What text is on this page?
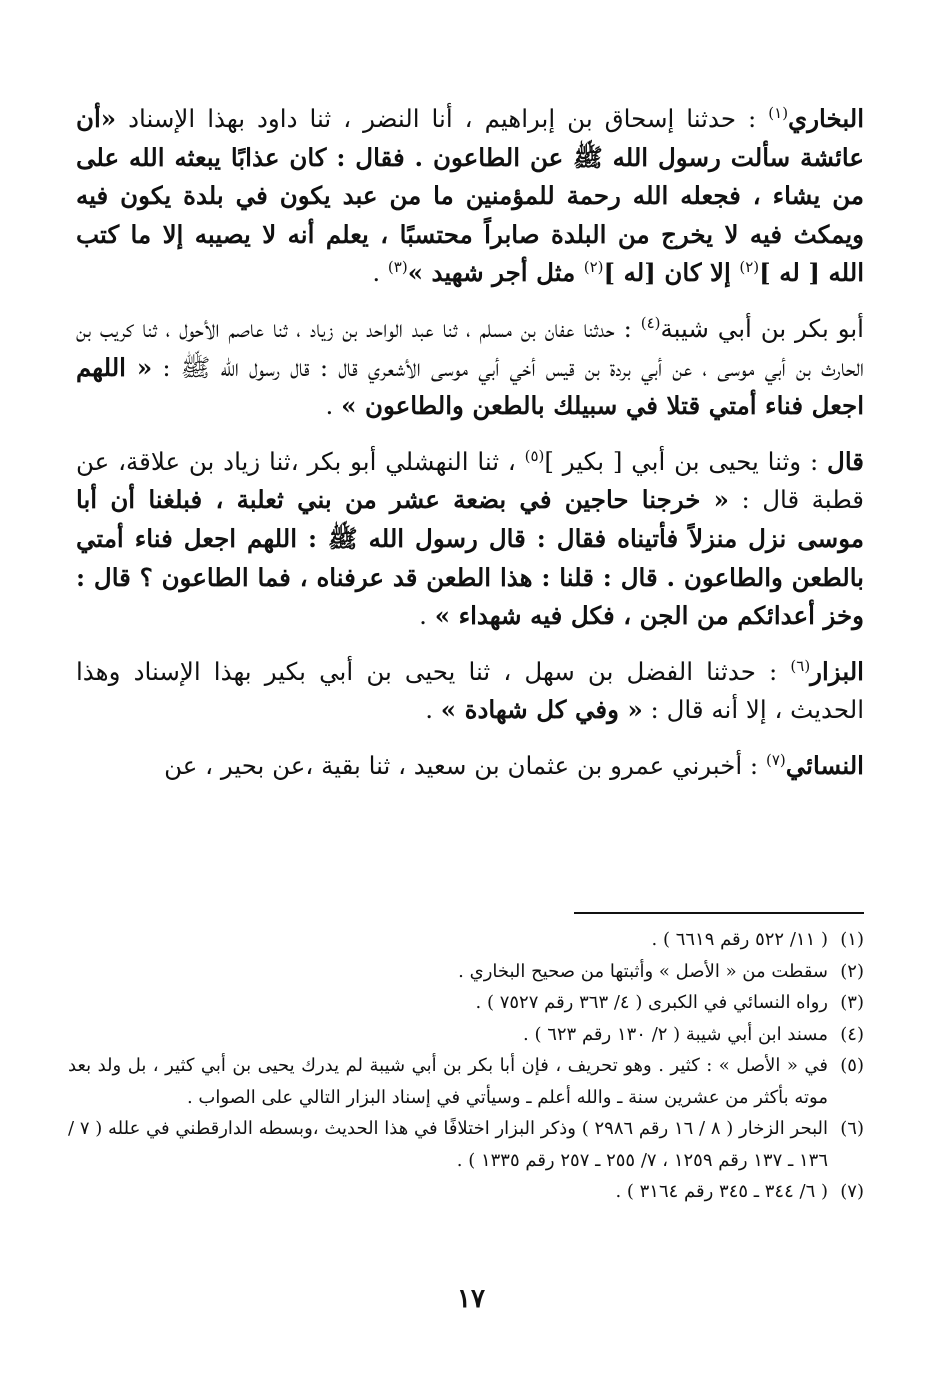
البخاري$^{(١)}$ : حدثنا إسحاق بن إبراهيم ، أنا النضر ، ثنا داود بهذا الإسناد «أن عائشة سألت رسول الله ﷺ عن الطاعون . فقال : كان عذابًا يبعثه الله على من يشاء ، فجعله الله رحمة للمؤمنين ما من عبد يكون في بلدة يكون فيه ويمكث فيه لا يخرج من البلدة صابراً محتسبًا ، يعلم أنه لا يصيبه إلا ما كتب الله [ له ]$^{(٢)}$ إلا كان [له ]$^{(٢)}$ مثل أجر شهيد »$^{(٣)}$ .

أبو بكر بن أبي شيبة$^{(٤)}$ : حدثنا عفان بن مسلم ، ثنا عبد الواحد بن زياد ، ثنا عاصم الأحول ، ثنا كريب بن الحارث بن أبي موسى ، عن أبي بردة بن قيس أخي أبي موسى الأشعري قال : قال رسول الله ﷺ : « اللهم اجعل فناء أمتي قتلا في سبيلك بالطعن والطاعون » .

قال : وثنا يحيى بن أبي [ بكير ]$^{(٥)}$ ، ثنا النهشلي أبو بكر ،ثنا زياد بن علاقة، عن قطبة قال : « خرجنا حاجين في بضعة عشر من بني ثعلبة ، فبلغنا أن أبا موسى نزل منزلاً فأتيناه فقال : قال رسول الله ﷺ : اللهم اجعل فناء أمتي بالطعن والطاعون . قال : قلنا : هذا الطعن قد عرفناه ، فما الطاعون ؟ قال : وخز أعدائكم من الجن ، فكل فيه شهداء » .

البزار$^{(٦)}$ : حدثنا الفضل بن سهل ، ثنا يحيى بن أبي بكير بهذا الإسناد وهذا الحديث ، إلا أنه قال : « وفي كل شهادة » .

النسائي$^{(٧)}$ : أخبرني عمرو بن عثمان بن سعيد ، ثنا بقية ،عن بحير ، عن

(١)
( ١١/ ٥٢٢ رقم ٦٦١٩ ) .

(٢)
سقطت من « الأصل » وأثبتها من صحيح البخاري .

(٣)
رواه النسائي في الكبرى ( ٤/ ٣٦٣ رقم ٧٥٢٧ ) .

(٤)
مسند ابن أبي شيبة ( ٢/ ١٣٠ رقم ٦٢٣ ) .

(٥)
في « الأصل » : كثير . وهو تحريف ، فإن أبا بكر بن أبي شيبة لم يدرك يحيى بن أبي كثير ، بل ولد بعد موته بأكثر من عشرين سنة ـ والله أعلم ـ وسيأتي في إسناد البزار التالي على الصواب .

(٦)
البحر الزخار ( ٨ / ١٦ رقم ٢٩٨٦ ) وذكر البزار اختلافًا في هذا الحديث ،وبسطه الدارقطني في علله ( ٧ / ١٣٦ ـ ١٣٧ رقم ١٢٥٩ ، ٧/ ٢٥٥ ـ ٢٥٧ رقم ١٣٣٥ ) .

(٧)
( ٦/ ٣٤٤ ـ ٣٤٥ رقم ٣١٦٤ ) .

١٧
